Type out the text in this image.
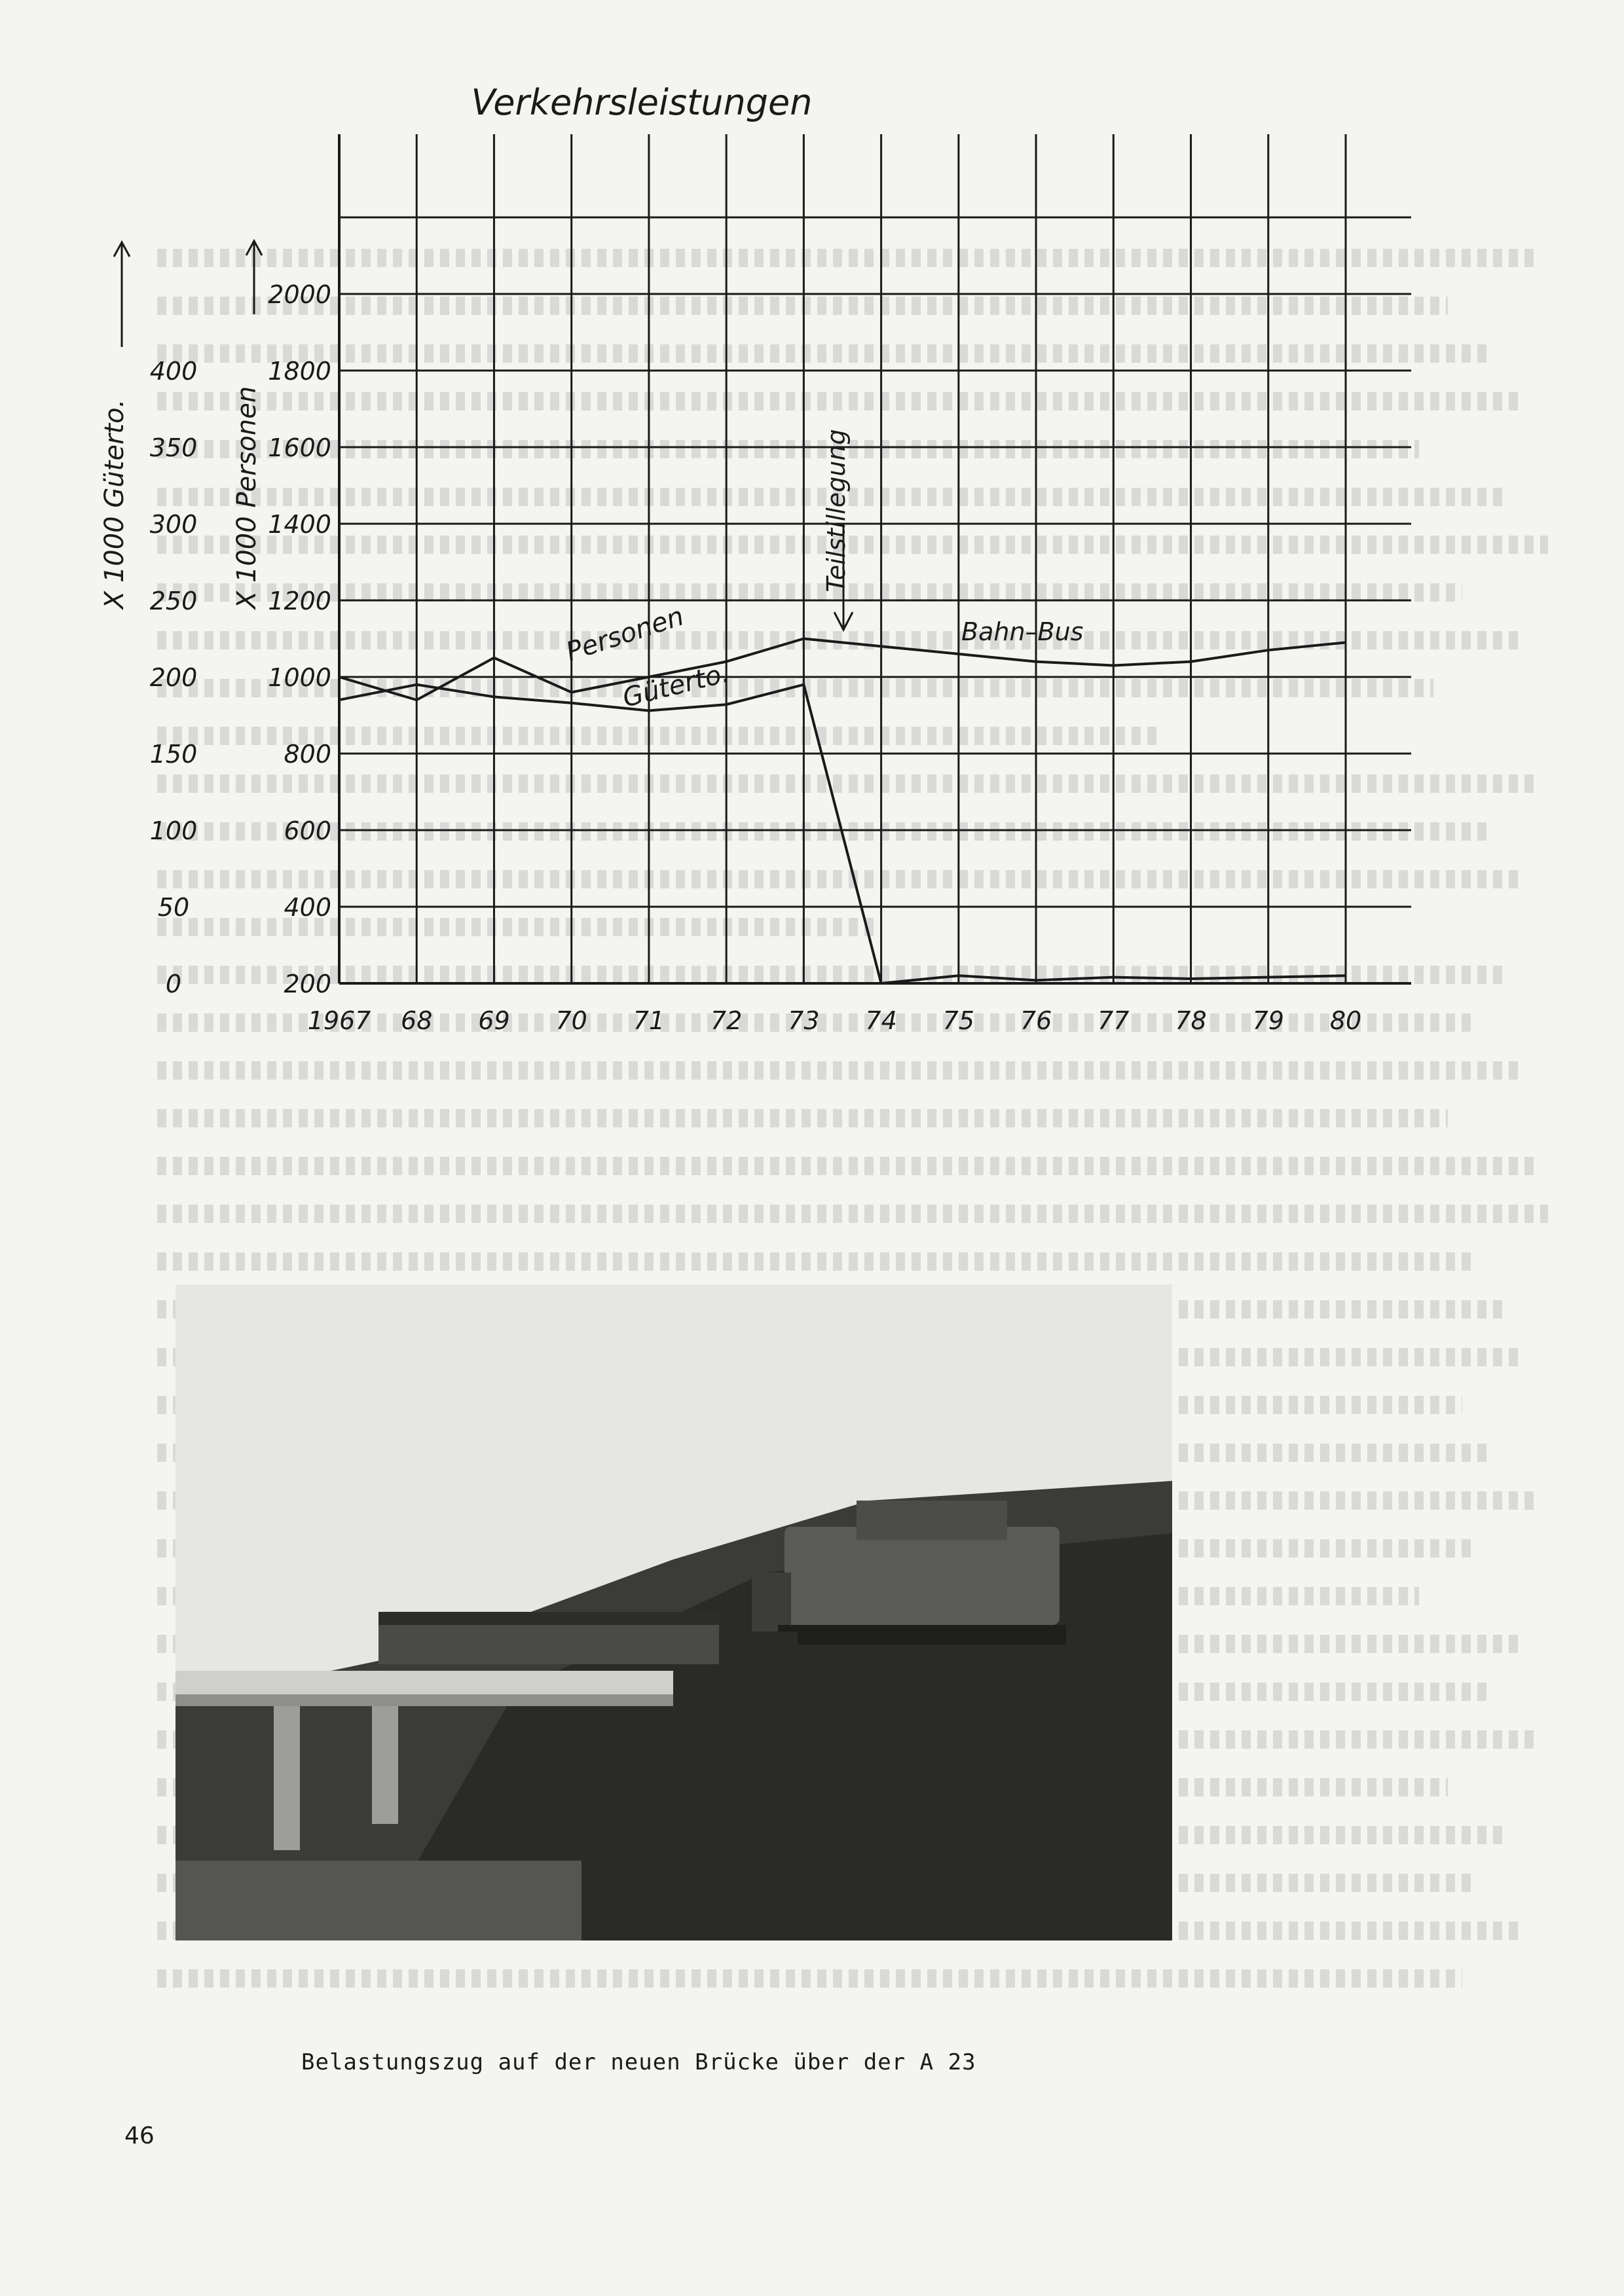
Verkehrsleistungen
1967 68 69 70 71 72 73 74 75 76 77 78 79 80
200
400
600
800
1000
1200
1400
1600
1800
2000
0
50
100
150
200
250
300
350
400
X 1000 Güterto.	X 1000 Personen
Personen
Güterto.
Teilstillegung
Bahn–Bus
Belastungszug auf der neuen Brücke über der A 23
46
